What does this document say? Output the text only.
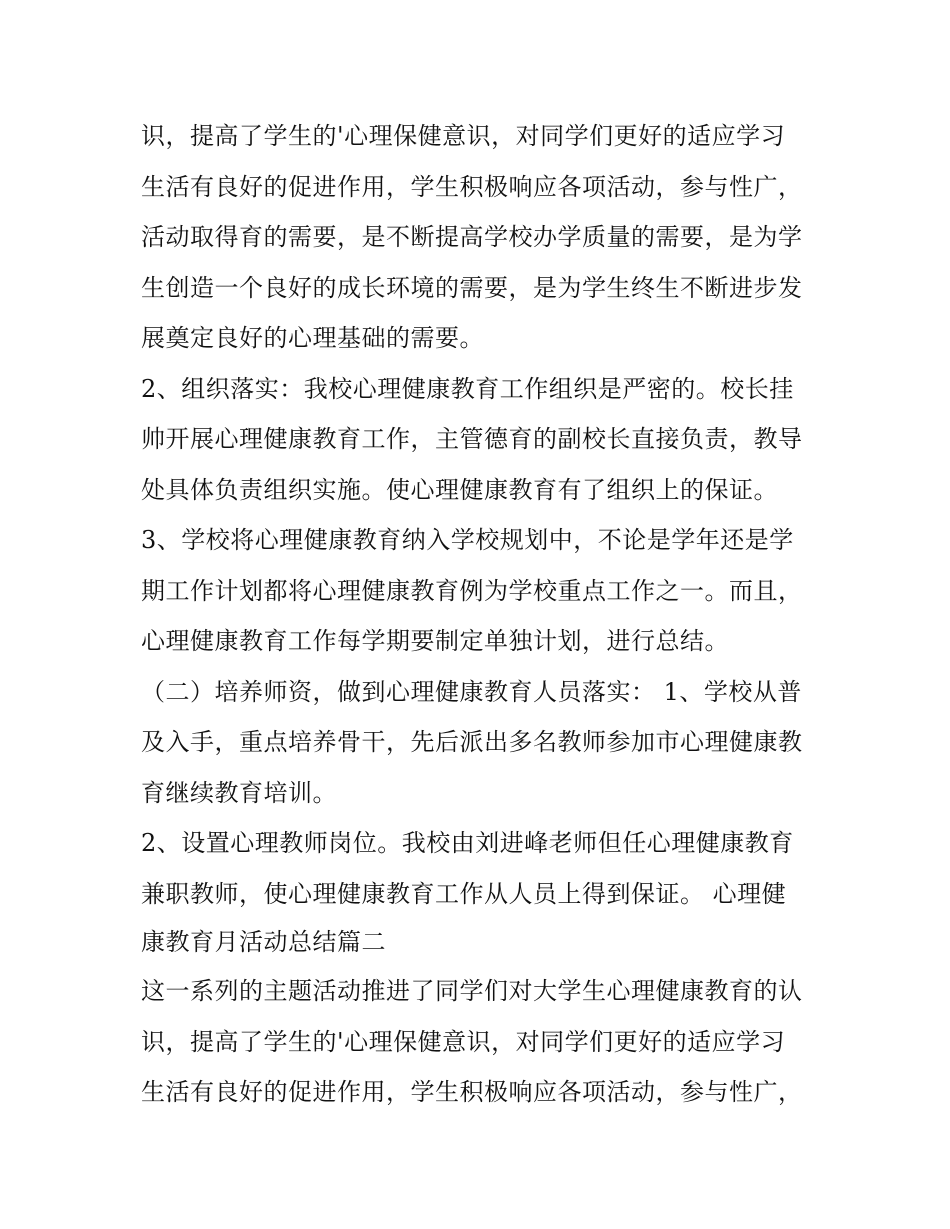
识，提高了学生的'心理保健意识，对同学们更好的适应学习
生活有良好的促进作用，学生积极响应各项活动，参与性广，
活动取得育的需要，是不断提高学校办学质量的需要，是为学
生创造一个良好的成长环境的需要，是为学生终生不断进步发
展奠定良好的心理基础的需要。
2、组织落实：我校心理健康教育工作组织是严密的。校长挂
帅开展心理健康教育工作，主管德育的副校长直接负责，教导
处具体负责组织实施。使心理健康教育有了组织上的保证。
3、学校将心理健康教育纳入学校规划中，不论是学年还是学
期工作计划都将心理健康教育例为学校重点工作之一。而且，
心理健康教育工作每学期要制定单独计划，进行总结。
（二）培养师资，做到心理健康教育人员落实： 1、学校从普
及入手，重点培养骨干，先后派出多名教师参加市心理健康教
育继续教育培训。
2、设置心理教师岗位。我校由刘进峰老师但任心理健康教育
兼职教师，使心理健康教育工作从人员上得到保证。 心理健
康教育月活动总结篇二
这一系列的主题活动推进了同学们对大学生心理健康教育的认
识，提高了学生的'心理保健意识，对同学们更好的适应学习
生活有良好的促进作用，学生积极响应各项活动，参与性广，
